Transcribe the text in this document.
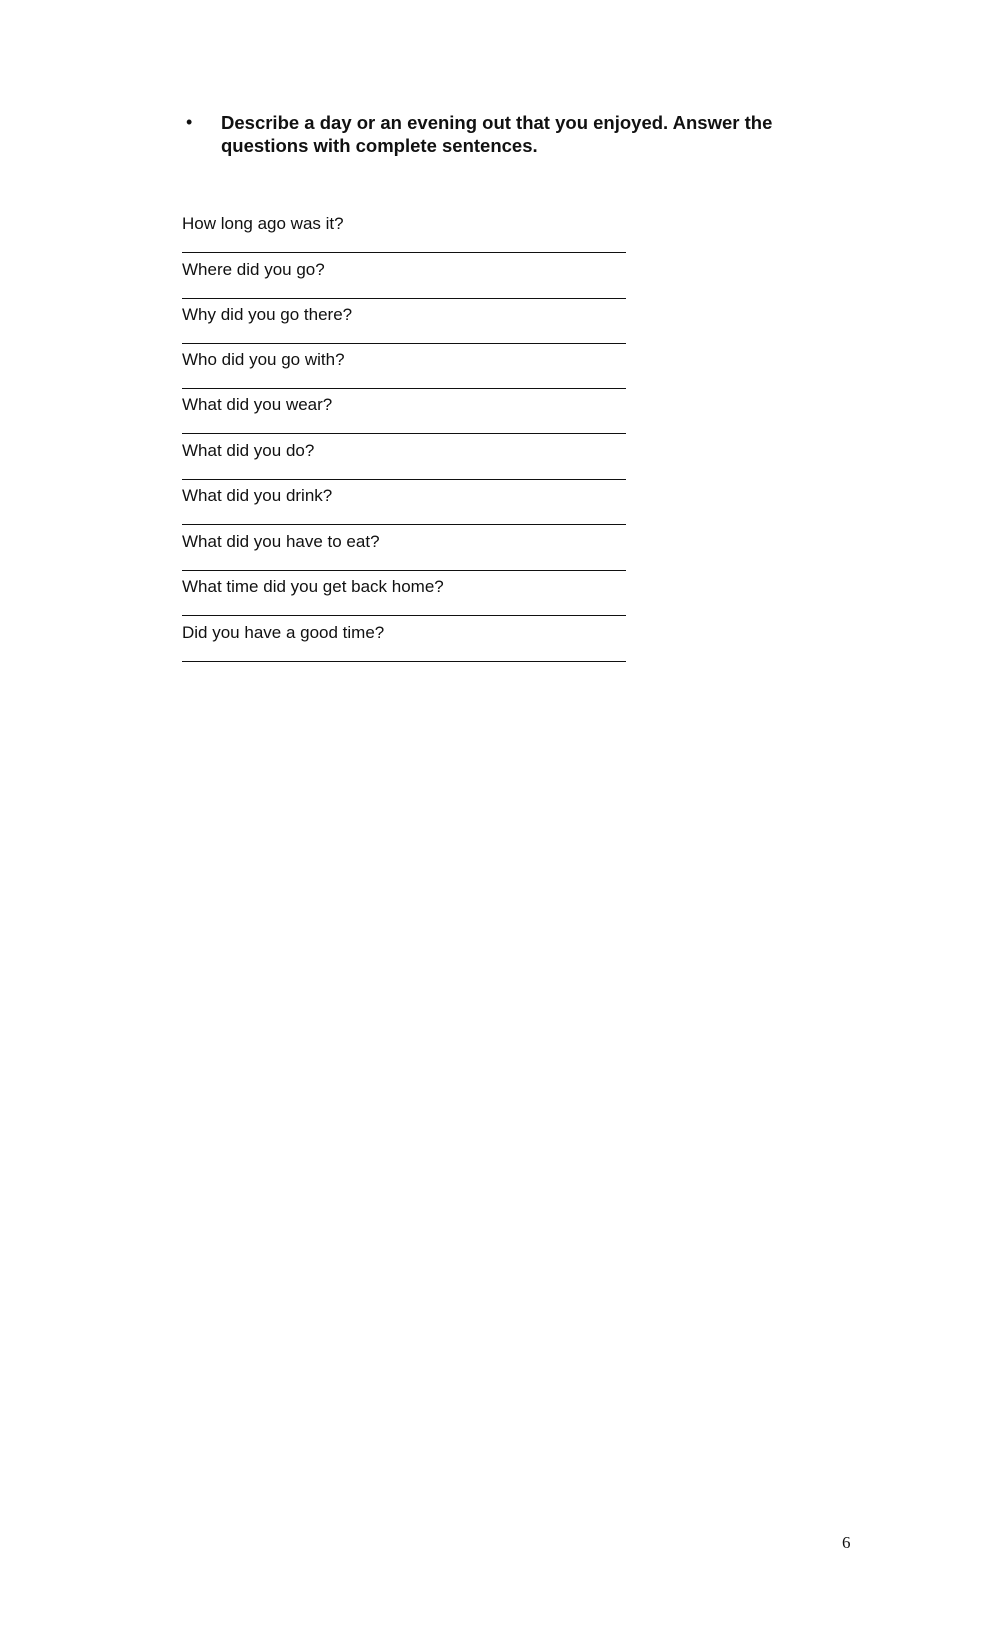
• Describe a day or an evening out that you enjoyed. Answer the questions with complete sentences.
How long ago was it?
Where did you go?
Why did you go there?
Who did you go with?
What did you wear?
What did you do?
What did you drink?
What did you have to eat?
What time did you get back home?
Did you have a good time?
6
